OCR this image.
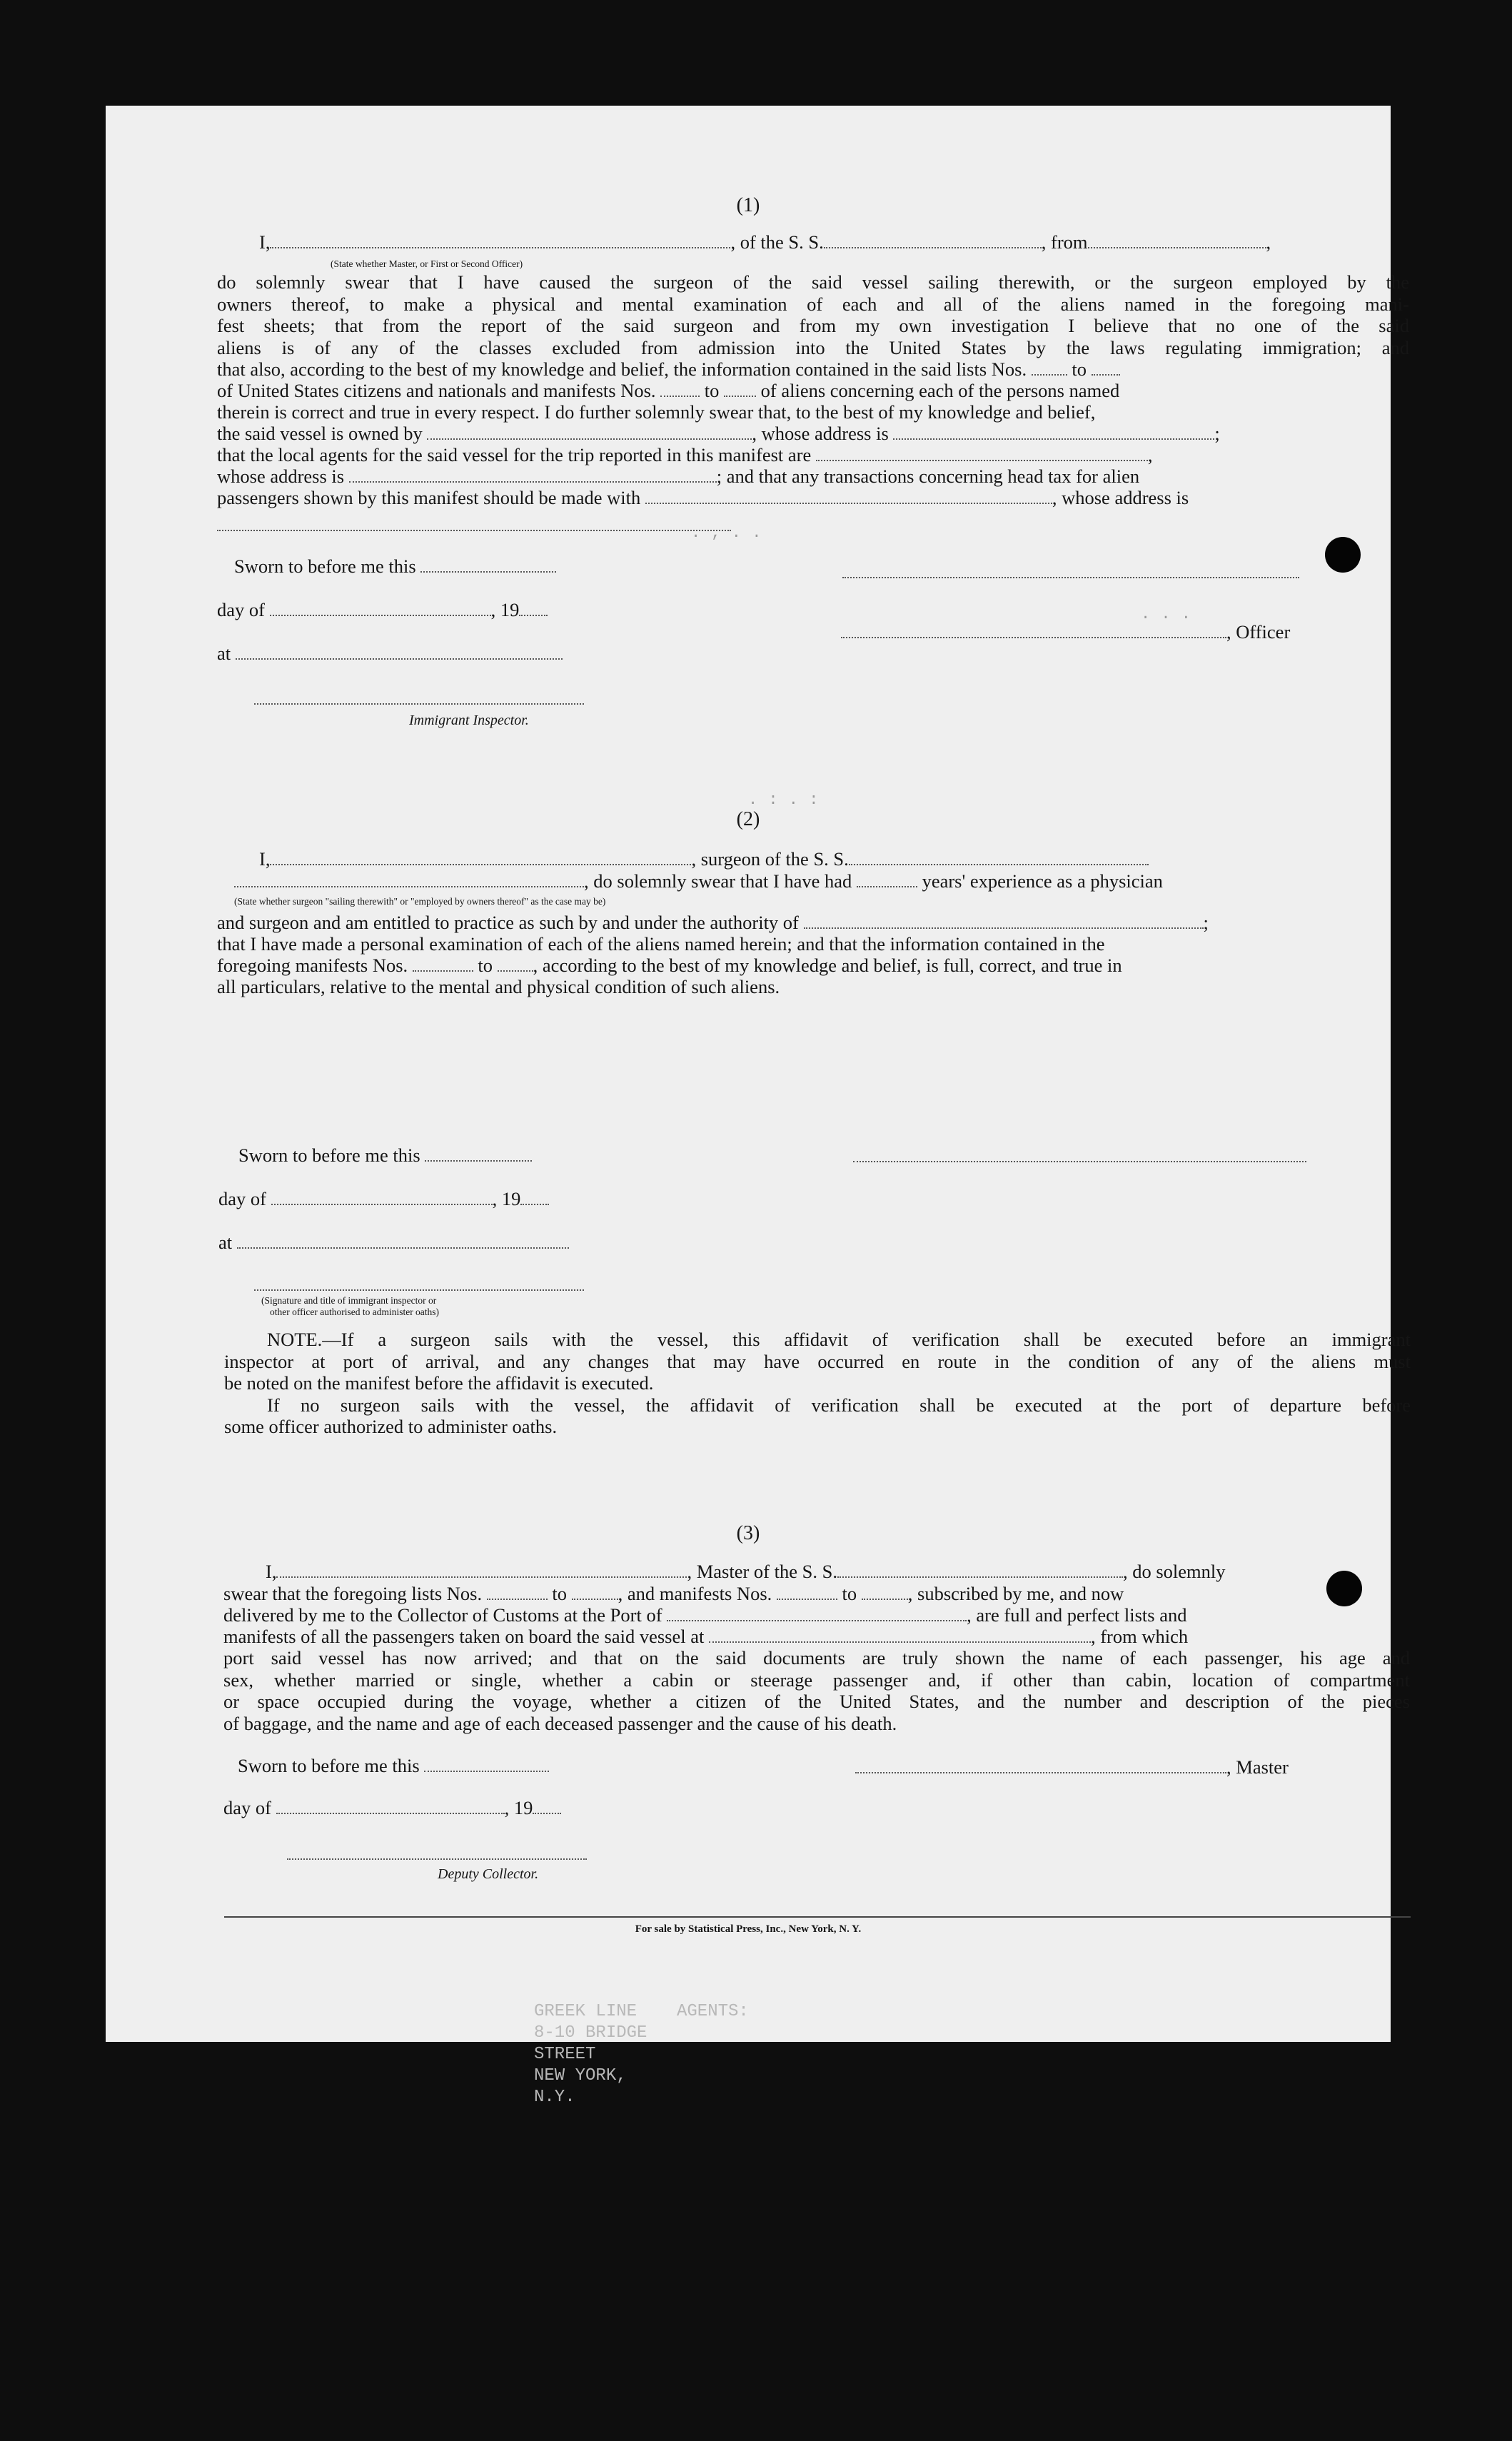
. , . .
. . .
. : . :
(1)
I,	, of the S. S.	, from	,
(State whether Master, or First or Second Officer)
do solemnly swear that I have caused the surgeon of the said vessel sailing therewith, or the surgeon employed by the
owners thereof, to make a physical and mental examination of each and all of the aliens named in the foregoing mani-
fest sheets; that from the report of the said surgeon and from my own investigation I believe that no one of the said
aliens is of any of the classes excluded from admission into the United States by the laws regulating immigration; and
that also, according to the best of my knowledge and belief, the information contained in the said lists Nos. to
of United States citizens and nationals and manifests Nos.	to of aliens concerning each of the persons named
therein is correct and true in every respect. I do further solemnly swear that, to the best of my knowledge and belief,
the said vessel is owned by	, whose address is	;
that the local agents for the said vessel for the trip reported in this manifest are	,
whose address is	; and that any transactions concerning head tax for alien
passengers shown by this manifest should be made with	, whose address is
Sworn to before me this
day of	, 19
, Officer
at
Immigrant Inspector.
(2)
I,	, surgeon of the S. S.
, do solemnly swear that I have had	years' experience as a physician
(State whether surgeon "sailing therewith" or "employed by owners thereof" as the case may be)
and surgeon and am entitled to practice as such by and under the authority of	;
that I have made a personal examination of each of the aliens named herein; and that the information contained in the
foregoing manifests Nos.	to , according to the best of my knowledge and belief, is full, correct, and true in
all particulars, relative to the mental and physical condition of such aliens.
Sworn to before me this
day of	, 19
at
(Signature and title of immigrant inspector or
other officer authorised to administer oaths)
NOTE.—If a surgeon sails with the vessel, this affidavit of verification shall be executed before an immigrant
inspector at port of arrival, and any changes that may have occurred en route in the condition of any of the aliens must
be noted on the manifest before the affidavit is executed.
If no surgeon sails with the vessel, the affidavit of verification shall be executed at the port of departure before
some officer authorized to administer oaths.
(3)
I,	, Master of the S. S.	, do solemnly
swear that the foregoing lists Nos.	to	, and manifests Nos.	to	, subscribed by me, and now
delivered by me to the Collector of Customs at the Port of	, are full and perfect lists and
manifests of all the passengers taken on board the said vessel at	, from which
port said vessel has now arrived; and that on the said documents are truly shown the name of each passenger, his age and
sex, whether married or single, whether a cabin or steerage passenger and, if other than cabin, location of compartment
or space occupied during the voyage, whether a citizen of the United States, and the number and description of the pieces
of baggage, and the name and age of each deceased passenger and the cause of his death.
Sworn to before me this	, Master
day of	, 19
Deputy Collector.
For sale by Statistical Press, Inc., New York, N. Y.
AGENTS:
GREEK LINE
8-10 BRIDGE STREET
NEW YORK, N.Y.
